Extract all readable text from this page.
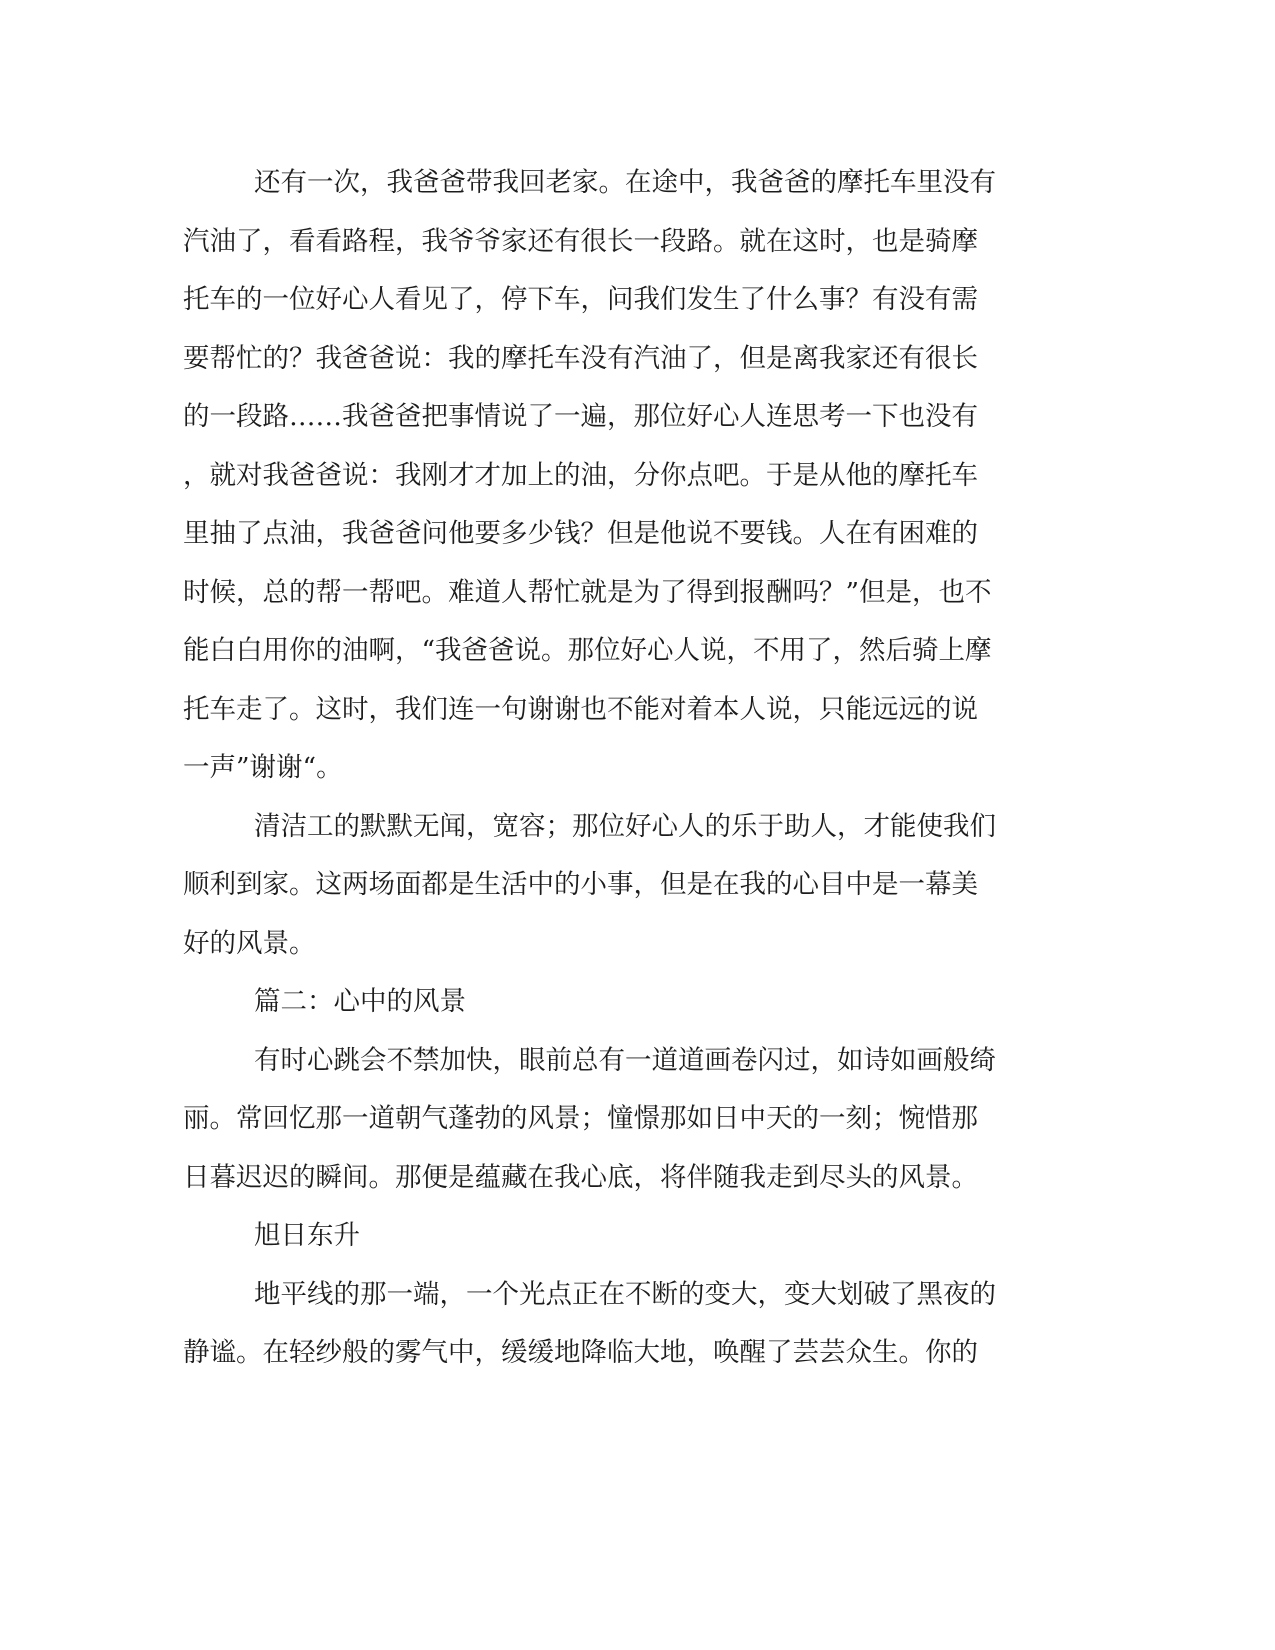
还有一次，我爸爸带我回老家。在途中，我爸爸的摩托车里没有
汽油了，看看路程，我爷爷家还有很长一段路。就在这时，也是骑摩
托车的一位好心人看见了，停下车，问我们发生了什么事？有没有需
要帮忙的？我爸爸说：我的摩托车没有汽油了，但是离我家还有很长
的一段路……我爸爸把事情说了一遍，那位好心人连思考一下也没有
，就对我爸爸说：我刚才才加上的油，分你点吧。于是从他的摩托车
里抽了点油，我爸爸问他要多少钱？但是他说不要钱。人在有困难的
时候，总的帮一帮吧。难道人帮忙就是为了得到报酬吗？”但是，也不
能白白用你的油啊，“我爸爸说。那位好心人说，不用了，然后骑上摩
托车走了。这时，我们连一句谢谢也不能对着本人说，只能远远的说
一声”谢谢“。
清洁工的默默无闻，宽容；那位好心人的乐于助人，才能使我们
顺利到家。这两场面都是生活中的小事，但是在我的心目中是一幕美
好的风景。
篇二：心中的风景
有时心跳会不禁加快，眼前总有一道道画卷闪过，如诗如画般绮
丽。常回忆那一道朝气蓬勃的风景；憧憬那如日中天的一刻；惋惜那
日暮迟迟的瞬间。那便是蕴藏在我心底，将伴随我走到尽头的风景。
旭日东升
地平线的那一端，一个光点正在不断的变大，变大划破了黑夜的
静谧。在轻纱般的雾气中，缓缓地降临大地，唤醒了芸芸众生。你的
